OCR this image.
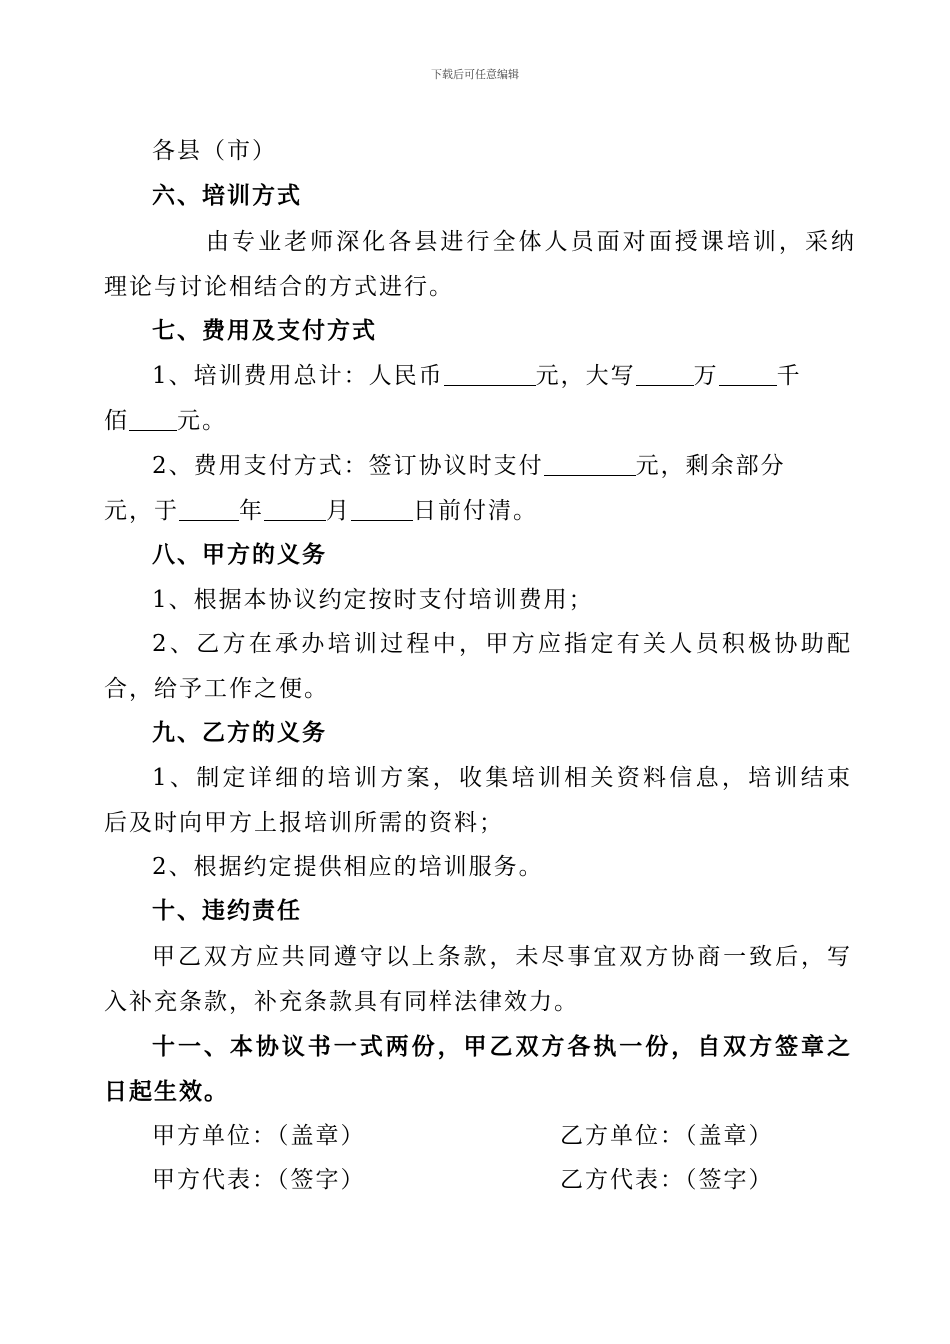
下载后可任意编辑
各县（市）
六、培训方式
由专业老师深化各县进行全体人员面对面授课培训，采纳
理论与讨论相结合的方式进行。
七、费用及支付方式
1、培训费用总计：人民币	元，大写	万	千
佰 元。
2、费用支付方式：签订协议时支付	元，剩余部分
元，于	年	月	日前付清。
八、甲方的义务
1、根据本协议约定按时支付培训费用；
2、乙方在承办培训过程中，甲方应指定有关人员积极协助配
合，给予工作之便。
九、乙方的义务
1、制定详细的培训方案，收集培训相关资料信息，培训结束
后及时向甲方上报培训所需的资料；
2、根据约定提供相应的培训服务。
十、违约责任
甲乙双方应共同遵守以上条款，未尽事宜双方协商一致后，写
入补充条款，补充条款具有同样法律效力。
十一、本协议书一式两份，甲乙双方各执一份，自双方签章之
日起生效。
甲方单位：（盖章）	乙方单位：（盖章）
甲方代表：（签字）	乙方代表：（签字）
